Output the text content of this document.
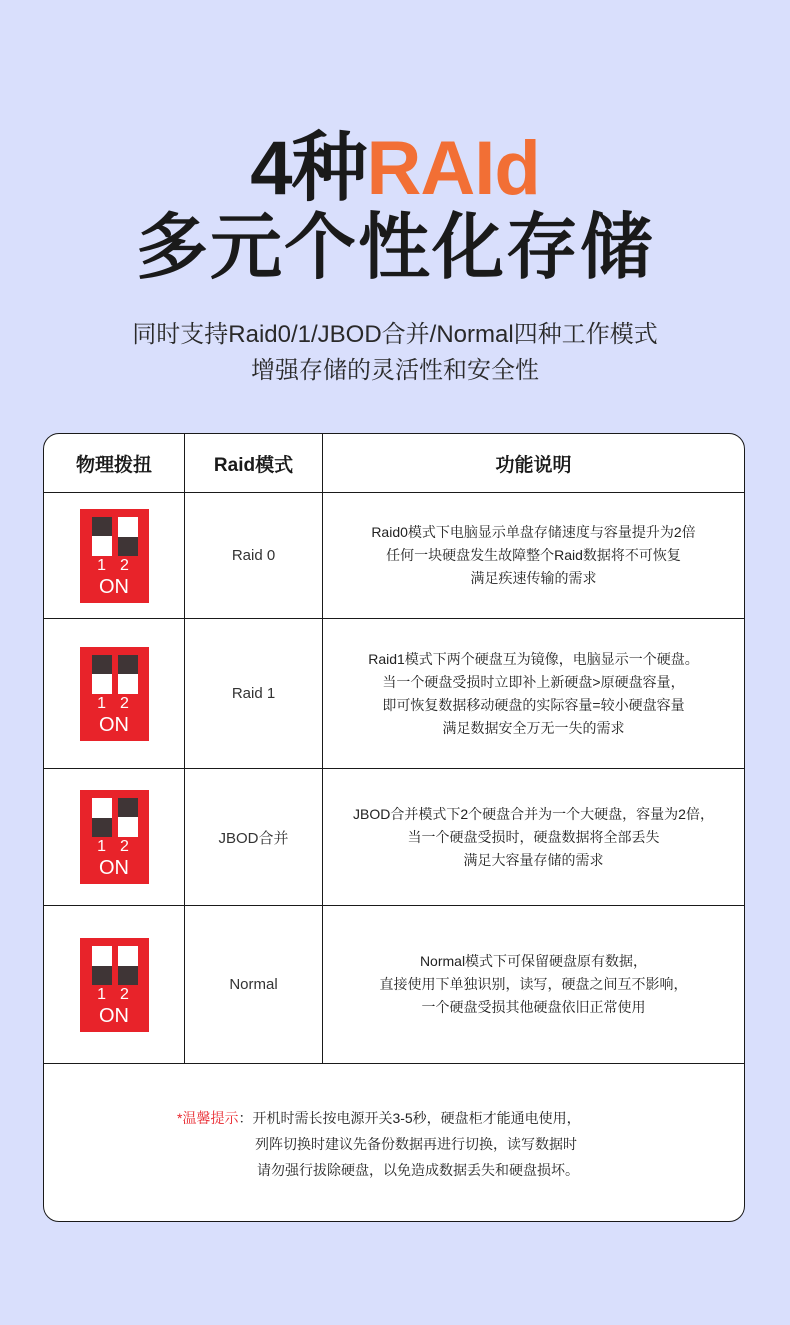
4种RAId
多元个性化存储
同时支持Raid0/1/JBOD合并/Normal四种工作模式
增强存储的灵活性和安全性
物理拨扭	Raid模式	功能说明
12
ON
Raid 0
Raid0模式下电脑显示单盘存储速度与容量提升为2倍
任何一块硬盘发生故障整个Raid数据将不可恢复
满足疾速传输的需求
12
ON
Raid 1
Raid1模式下两个硬盘互为镜像，电脑显示一个硬盘。
当一个硬盘受损时立即补上新硬盘>原硬盘容量，
即可恢复数据移动硬盘的实际容量=较小硬盘容量
满足数据安全万无一失的需求
12
ON
JBOD合并
JBOD合并模式下2个硬盘合并为一个大硬盘，容量为2倍，
当一个硬盘受损时，硬盘数据将全部丢失
满足大容量存储的需求
12
ON
Normal
Normal模式下可保留硬盘原有数据，
直接使用下单独识别，读写，硬盘之间互不影响，
一个硬盘受损其他硬盘依旧正常使用
*温馨提示：开机时需长按电源开关3-5秒，硬盘柜才能通电使用，
列阵切换时建议先备份数据再进行切换，读写数据时
请勿强行拔除硬盘，以免造成数据丢失和硬盘损坏。
